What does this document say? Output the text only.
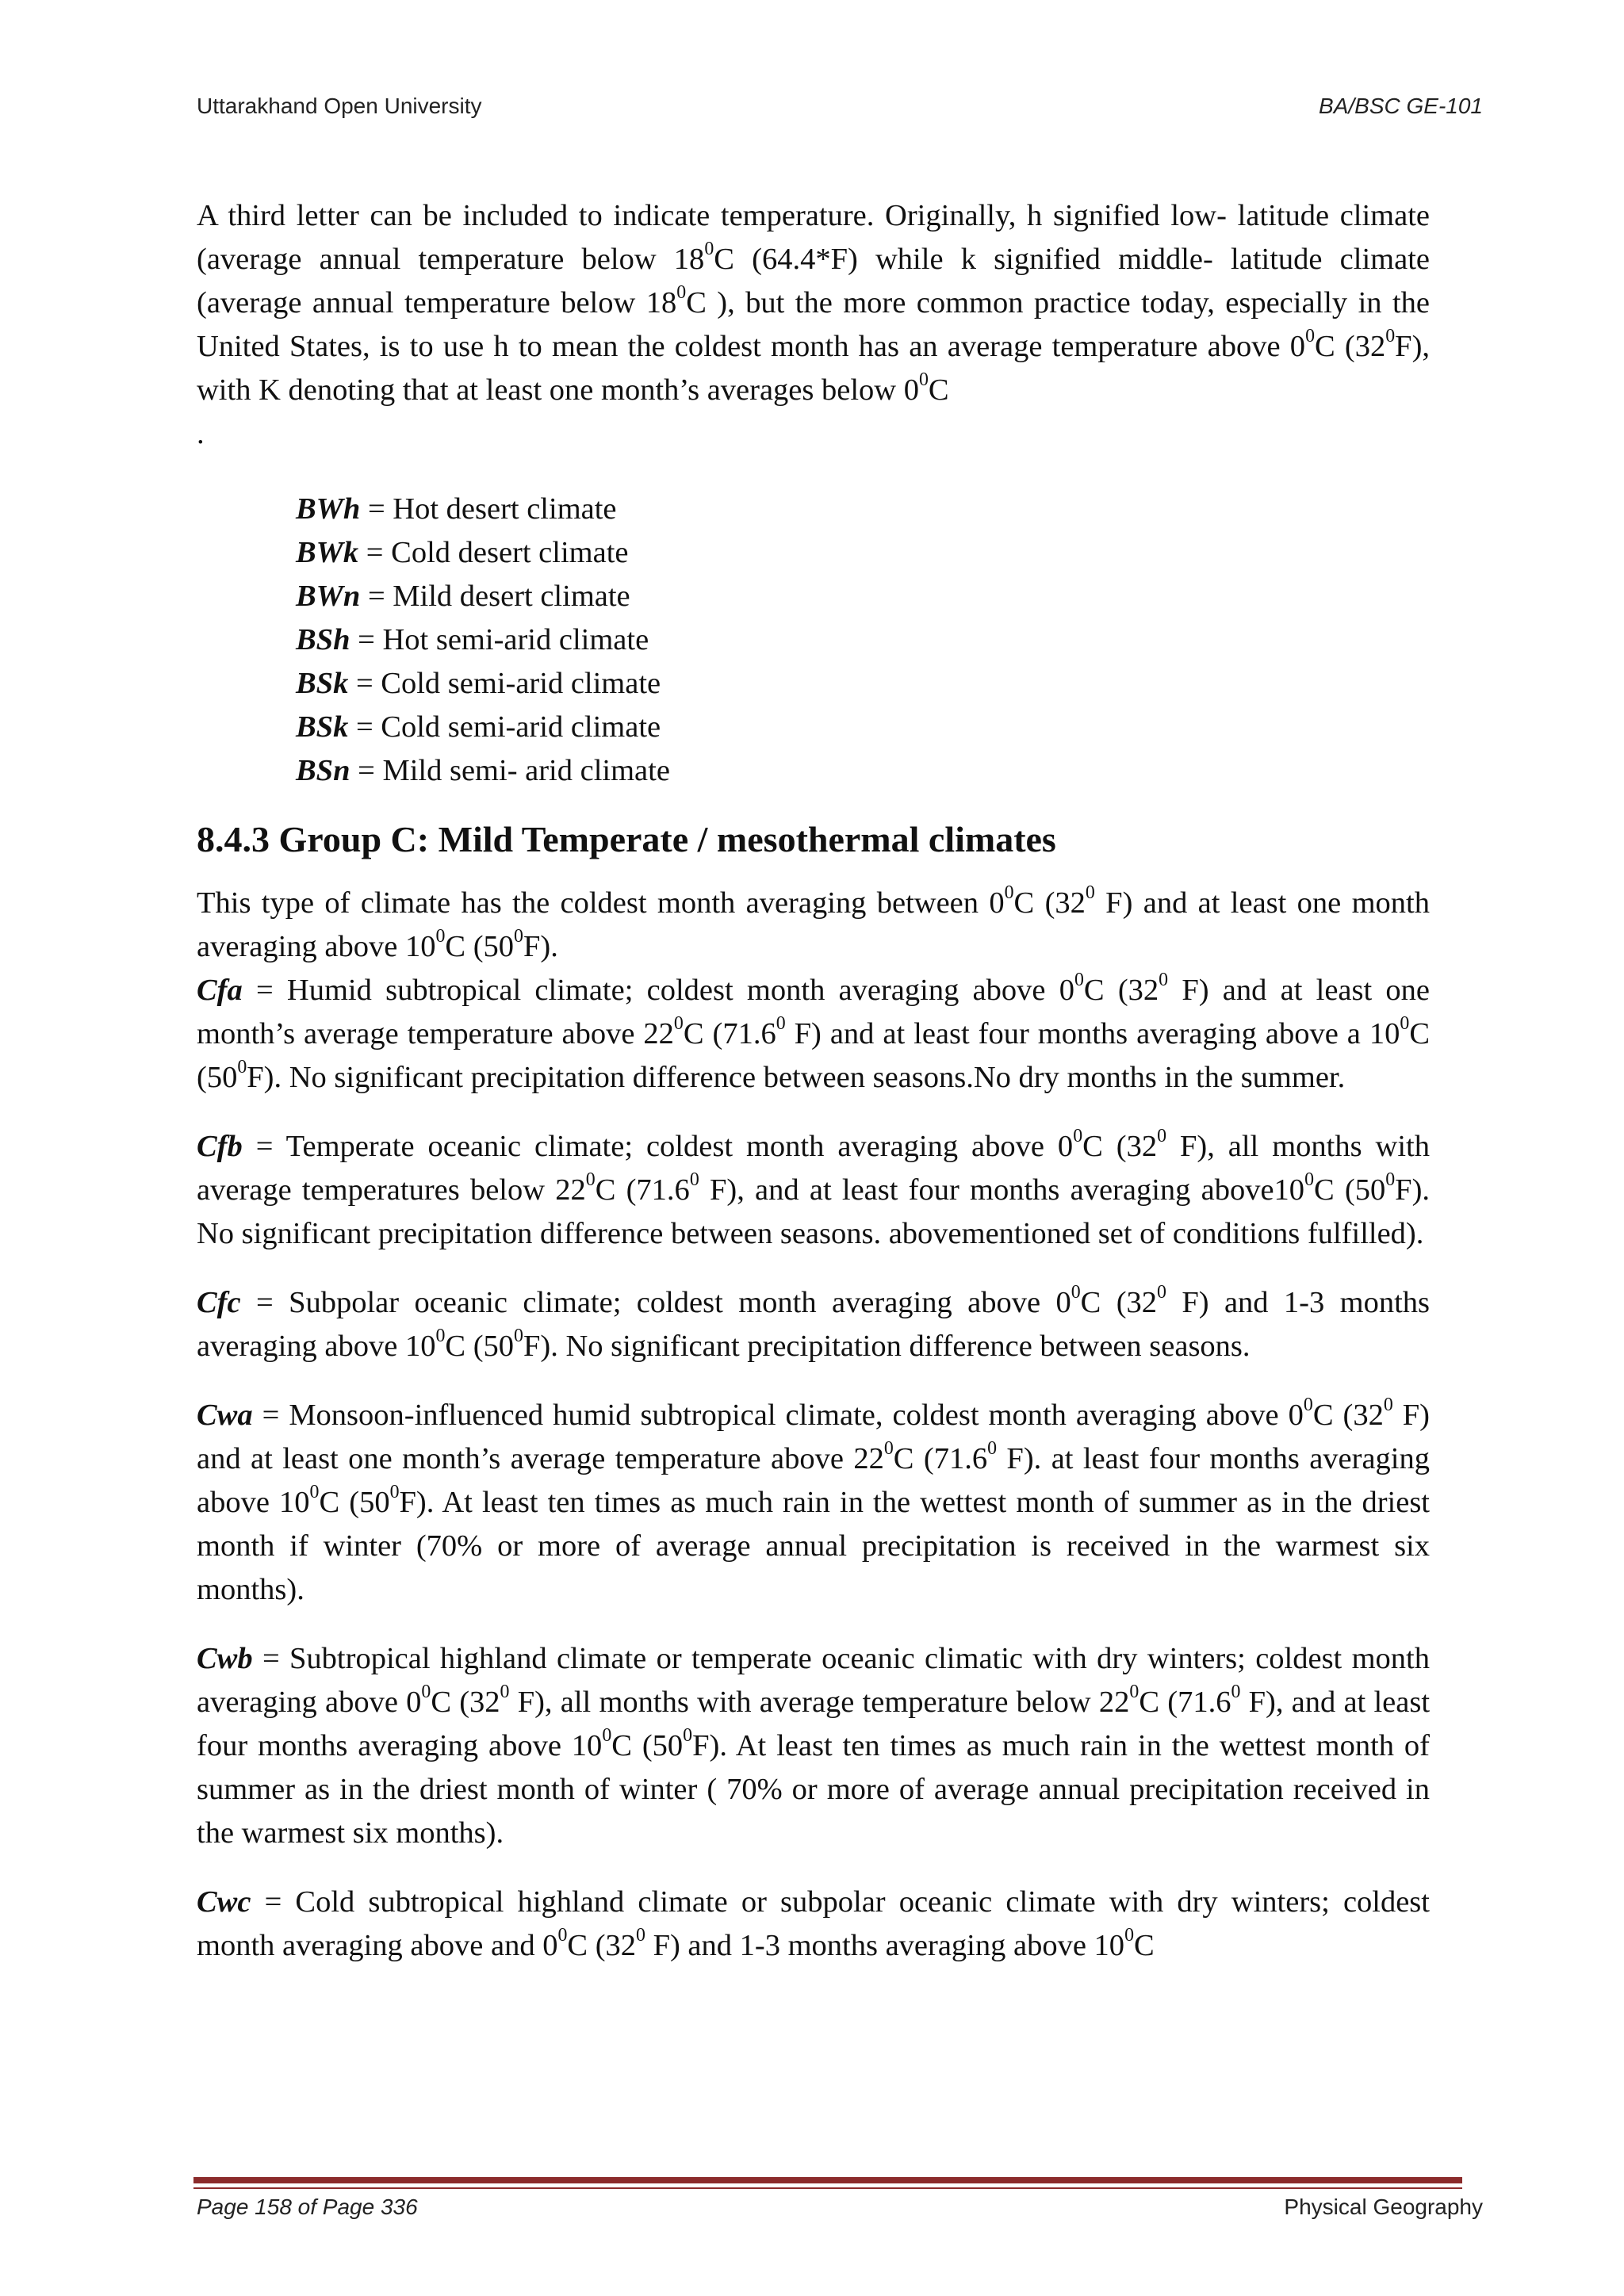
Uttarakhand Open University	BA/BSC GE-101

A third letter can be included to indicate temperature. Originally, h signified low- latitude climate (average annual temperature below $18^0C$ (64.4*F) while k signified middle- latitude climate (average annual temperature below $18^0C$ ), but the more common practice today, especially in the United States, is to use h to mean the coldest month has an average temperature above $0^0C$ $(32^0F)$, with K denoting that at least one month’s averages below $0^0C$

.

BWh = Hot desert climate
BWk = Cold desert climate
BWn = Mild desert climate
BSh = Hot semi-arid climate
BSk = Cold semi-arid climate
BSk = Cold semi-arid climate
BSn = Mild semi- arid climate
8.4.3 Group C: Mild Temperate / mesothermal climates

This type of climate has the coldest month averaging between $0^0C$ ($32^0$ F) and at least one month averaging above $10^0C$ $(50^0F)$.

Cfa = Humid subtropical climate; coldest month averaging above $0^0C$ ($32^0$ F) and at least one month’s average temperature above $22^0C$ (71.6$^0$ F) and at least four months averaging above a $10^0C$ $(50^0F)$. No significant precipitation difference between seasons.No dry months in the summer.

Cfb = Temperate oceanic climate; coldest month averaging above $0^0C$ ($32^0$ F), all months with average temperatures below $22^0C$ (71.6$^0$ F), and at least four months averaging $above10^0C$ $(50^0F)$. No significant precipitation difference between seasons. abovementioned set of conditions fulfilled).

Cfc = Subpolar oceanic climate; coldest month averaging above $0^0C$ ($32^0$ F) and 1-3 months averaging above $10^0C$ $(50^0F)$. No significant precipitation difference between seasons.

Cwa = Monsoon-influenced humid subtropical climate, coldest month averaging above $0^0C$ ($32^0$ F) and at least one month’s average temperature above $22^0C$ (71.6$^0$ F). at least four months averaging above $10^0C$ $(50^0F)$. At least ten times as much rain in the wettest month of summer as in the driest month if winter (70% or more of average annual precipitation is received in the warmest six months).

Cwb = Subtropical highland climate or temperate oceanic climatic with dry winters; coldest month averaging above $0^0C$ ($32^0$ F), all months with average temperature below $22^0C$ (71.6$^0$ F), and at least four months averaging above $10^0C$ $(50^0F)$. At least ten times as much rain in the wettest month of summer as in the driest month of winter ( 70% or more of average annual precipitation received in the warmest six months).

Cwc = Cold subtropical highland climate or subpolar oceanic climate with dry winters; coldest month averaging above and $0^0C$ ($32^0$ F) and 1-3 months averaging above $10^0C$

Page 158 of Page 336	Physical Geography
